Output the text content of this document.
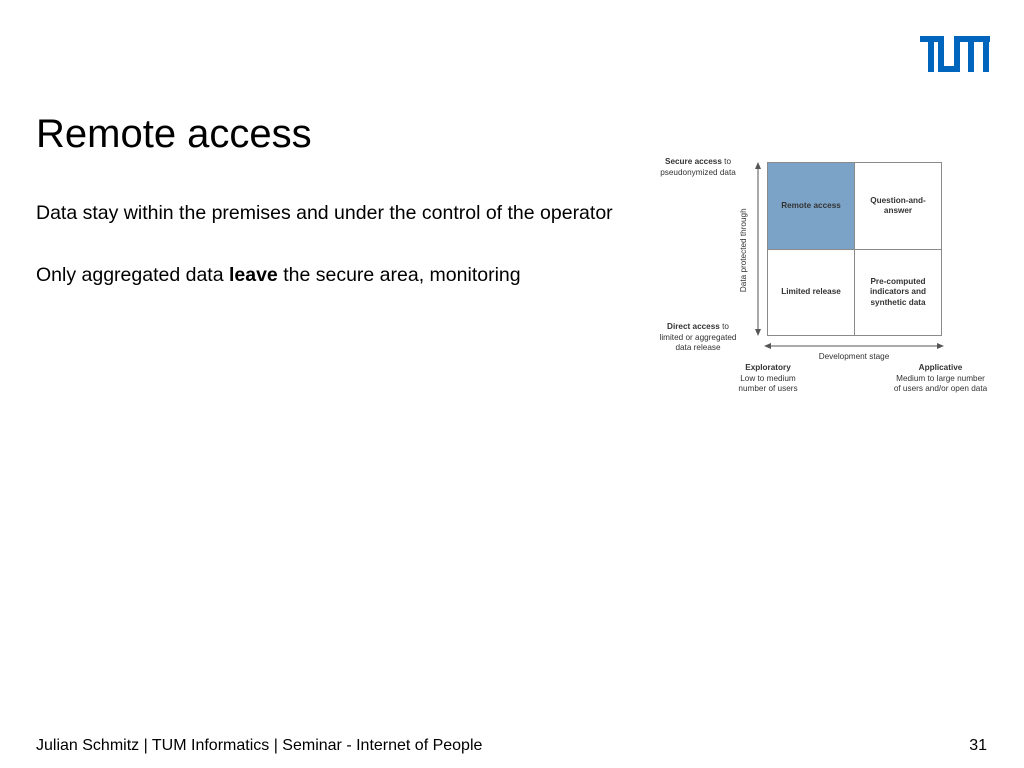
Remote access

Data stay within the premises and under the control of the operator

Only aggregated data leave the secure area, monitoring

Secure access to
pseudonymized data
Direct access to
limited or aggregated
data release
Data protected through
Development stage
Remote access
Question-and-
answer
Limited release
Pre-computed
indicators and
synthetic data
Exploratory
Low to medium
number of users
Applicative
Medium to large number
of users and/or open data
Julian Schmitz | TUM Informatics | Seminar - Internet of People	31
